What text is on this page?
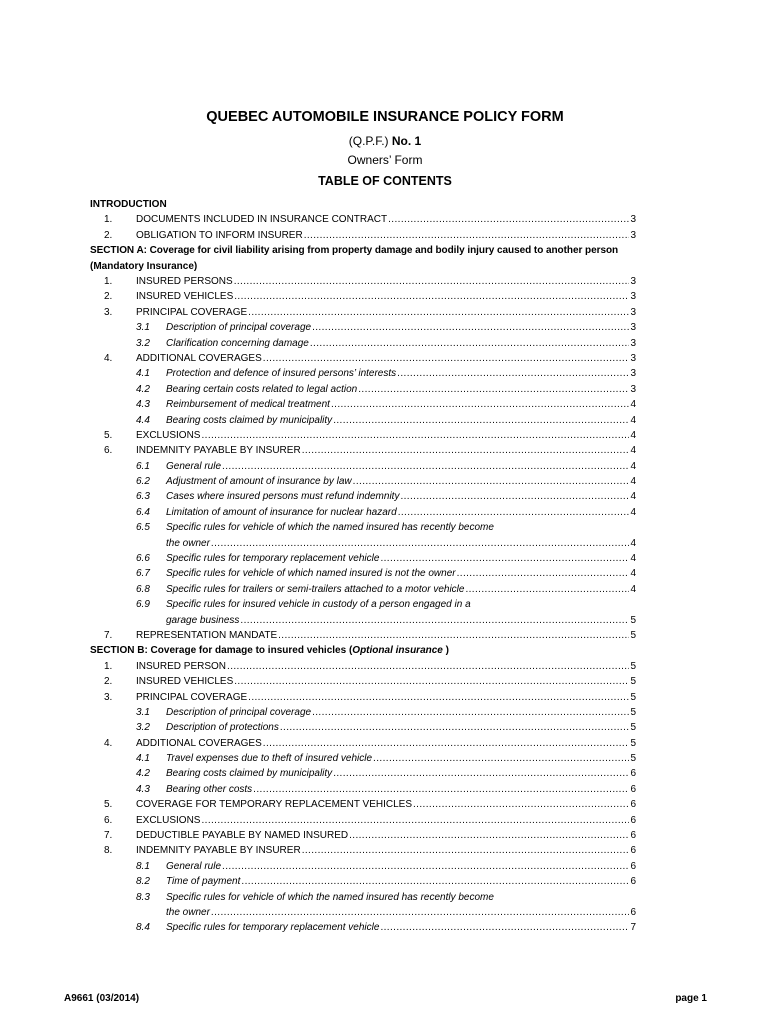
QUEBEC AUTOMOBILE INSURANCE POLICY FORM
(Q.P.F.) No. 1
Owners’ Form
TABLE OF CONTENTS
INTRODUCTION
1.	DOCUMENTS INCLUDED IN INSURANCE CONTRACT .....	3
2.	OBLIGATION TO INFORM INSURER .....	3
SECTION A: Coverage for civil liability arising from property damage and bodily injury caused to another person
(Mandatory Insurance)
1.	INSURED PERSONS .....	3
2.	INSURED VEHICLES .....	3
3.	PRINCIPAL COVERAGE .....	3
3.1	Description of principal coverage .....	3
3.2	Clarification concerning damage .....	3
4.	ADDITIONAL COVERAGES .....	3
4.1	Protection and defence of insured persons’ interests .....	3
4.2	Bearing certain costs related to legal action .....	3
4.3	Reimbursement of medical treatment .....	4
4.4	Bearing costs claimed by municipality .....	4
5.	EXCLUSIONS .....	4
6.	INDEMNITY PAYABLE BY INSURER .....	4
6.1	General rule .....	4
6.2	Adjustment of amount of insurance by law .....	4
6.3	Cases where insured persons must refund indemnity .....	4
6.4	Limitation of amount of insurance for nuclear hazard .....	4
6.5	Specific rules for vehicle of which the named insured has recently become
the owner .....	4
6.6	Specific rules for temporary replacement vehicle .....	4
6.7	Specific rules for vehicle of which named insured is not the owner .....	4
6.8	Specific rules for trailers or semi-trailers attached to a motor vehicle .....	4
6.9	Specific rules for insured vehicle in custody of a person engaged in a
garage business .....	5
7.	REPRESENTATION MANDATE .....	5
SECTION B: Coverage for damage to insured vehicles (Optional insurance )
1.	INSURED PERSON .....	5
2.	INSURED VEHICLES .....	5
3.	PRINCIPAL COVERAGE .....	5
3.1	Description of principal coverage .....	5
3.2	Description of protections .....	5
4.	ADDITIONAL COVERAGES .....	5
4.1	Travel expenses due to theft of insured vehicle .....	5
4.2	Bearing costs claimed by municipality .....	6
4.3	Bearing other costs .....	6
5.	COVERAGE FOR TEMPORARY REPLACEMENT VEHICLES .....	6
6.	EXCLUSIONS .....	6
7.	DEDUCTIBLE PAYABLE BY NAMED INSURED .....	6
8.	INDEMNITY PAYABLE BY INSURER .....	6
8.1	General rule .....	6
8.2	Time of payment .....	6
8.3	Specific rules for vehicle of which the named insured has recently become
the owner .....	6
8.4	Specific rules for temporary replacement vehicle .....	7
A9661 (03/2014)	page 1
